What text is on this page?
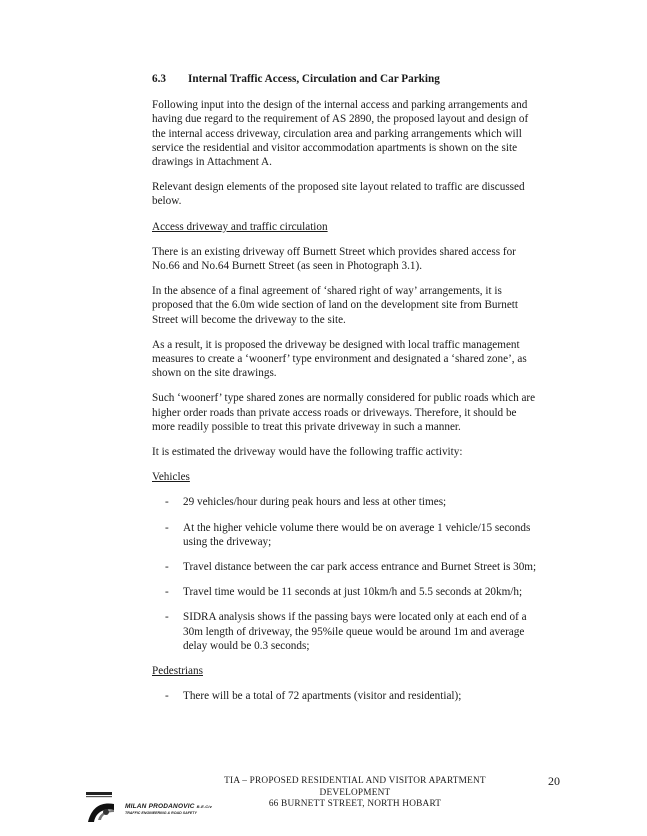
6.3	Internal Traffic Access, Circulation and Car Parking

Following input into the design of the internal access and parking arrangements and having due regard to the requirement of AS 2890, the proposed layout and design of the internal access driveway, circulation area and parking arrangements which will service the residential and visitor accommodation apartments is shown on the site drawings in Attachment A.

Relevant design elements of the proposed site layout related to traffic are discussed below.

Access driveway and traffic circulation

There is an existing driveway off Burnett Street which provides shared access for No.66 and No.64 Burnett Street (as seen in Photograph 3.1).

In the absence of a final agreement of ‘shared right of way’ arrangements, it is proposed that the 6.0m wide section of land on the development site from Burnett Street will become the driveway to the site.

As a result, it is proposed the driveway be designed with local traffic management measures to create a ‘woonerf’ type environment and designated a ‘shared zone’, as shown on the site drawings.

Such ‘woonerf’ type shared zones are normally considered for public roads which are higher order roads than private access roads or driveways. Therefore, it should be more readily possible to treat this private driveway in such a manner.

It is estimated the driveway would have the following traffic activity:

Vehicles
- 29 vehicles/hour during peak hours and less at other times;
- At the higher vehicle volume there would be on average 1 vehicle/15 seconds using the driveway;
- Travel distance between the car park access entrance and Burnet Street is 30m;
- Travel time would be 11 seconds at just 10km/h and 5.5 seconds at 20km/h;
- SIDRA analysis shows if the passing bays were located only at each end of a 30m length of driveway, the 95%ile queue would be around 1m and average delay would be 0.3 seconds;
Pedestrians
- There will be a total of 72 apartments (visitor and residential);
MILAN PRODANOVIC B.E.Civ
TRAFFIC ENGINEERING & ROAD SAFETY
TIA – PROPOSED RESIDENTIAL AND VISITOR APARTMENT
DEVELOPMENT
66 BURNETT STREET, NORTH HOBART
20
